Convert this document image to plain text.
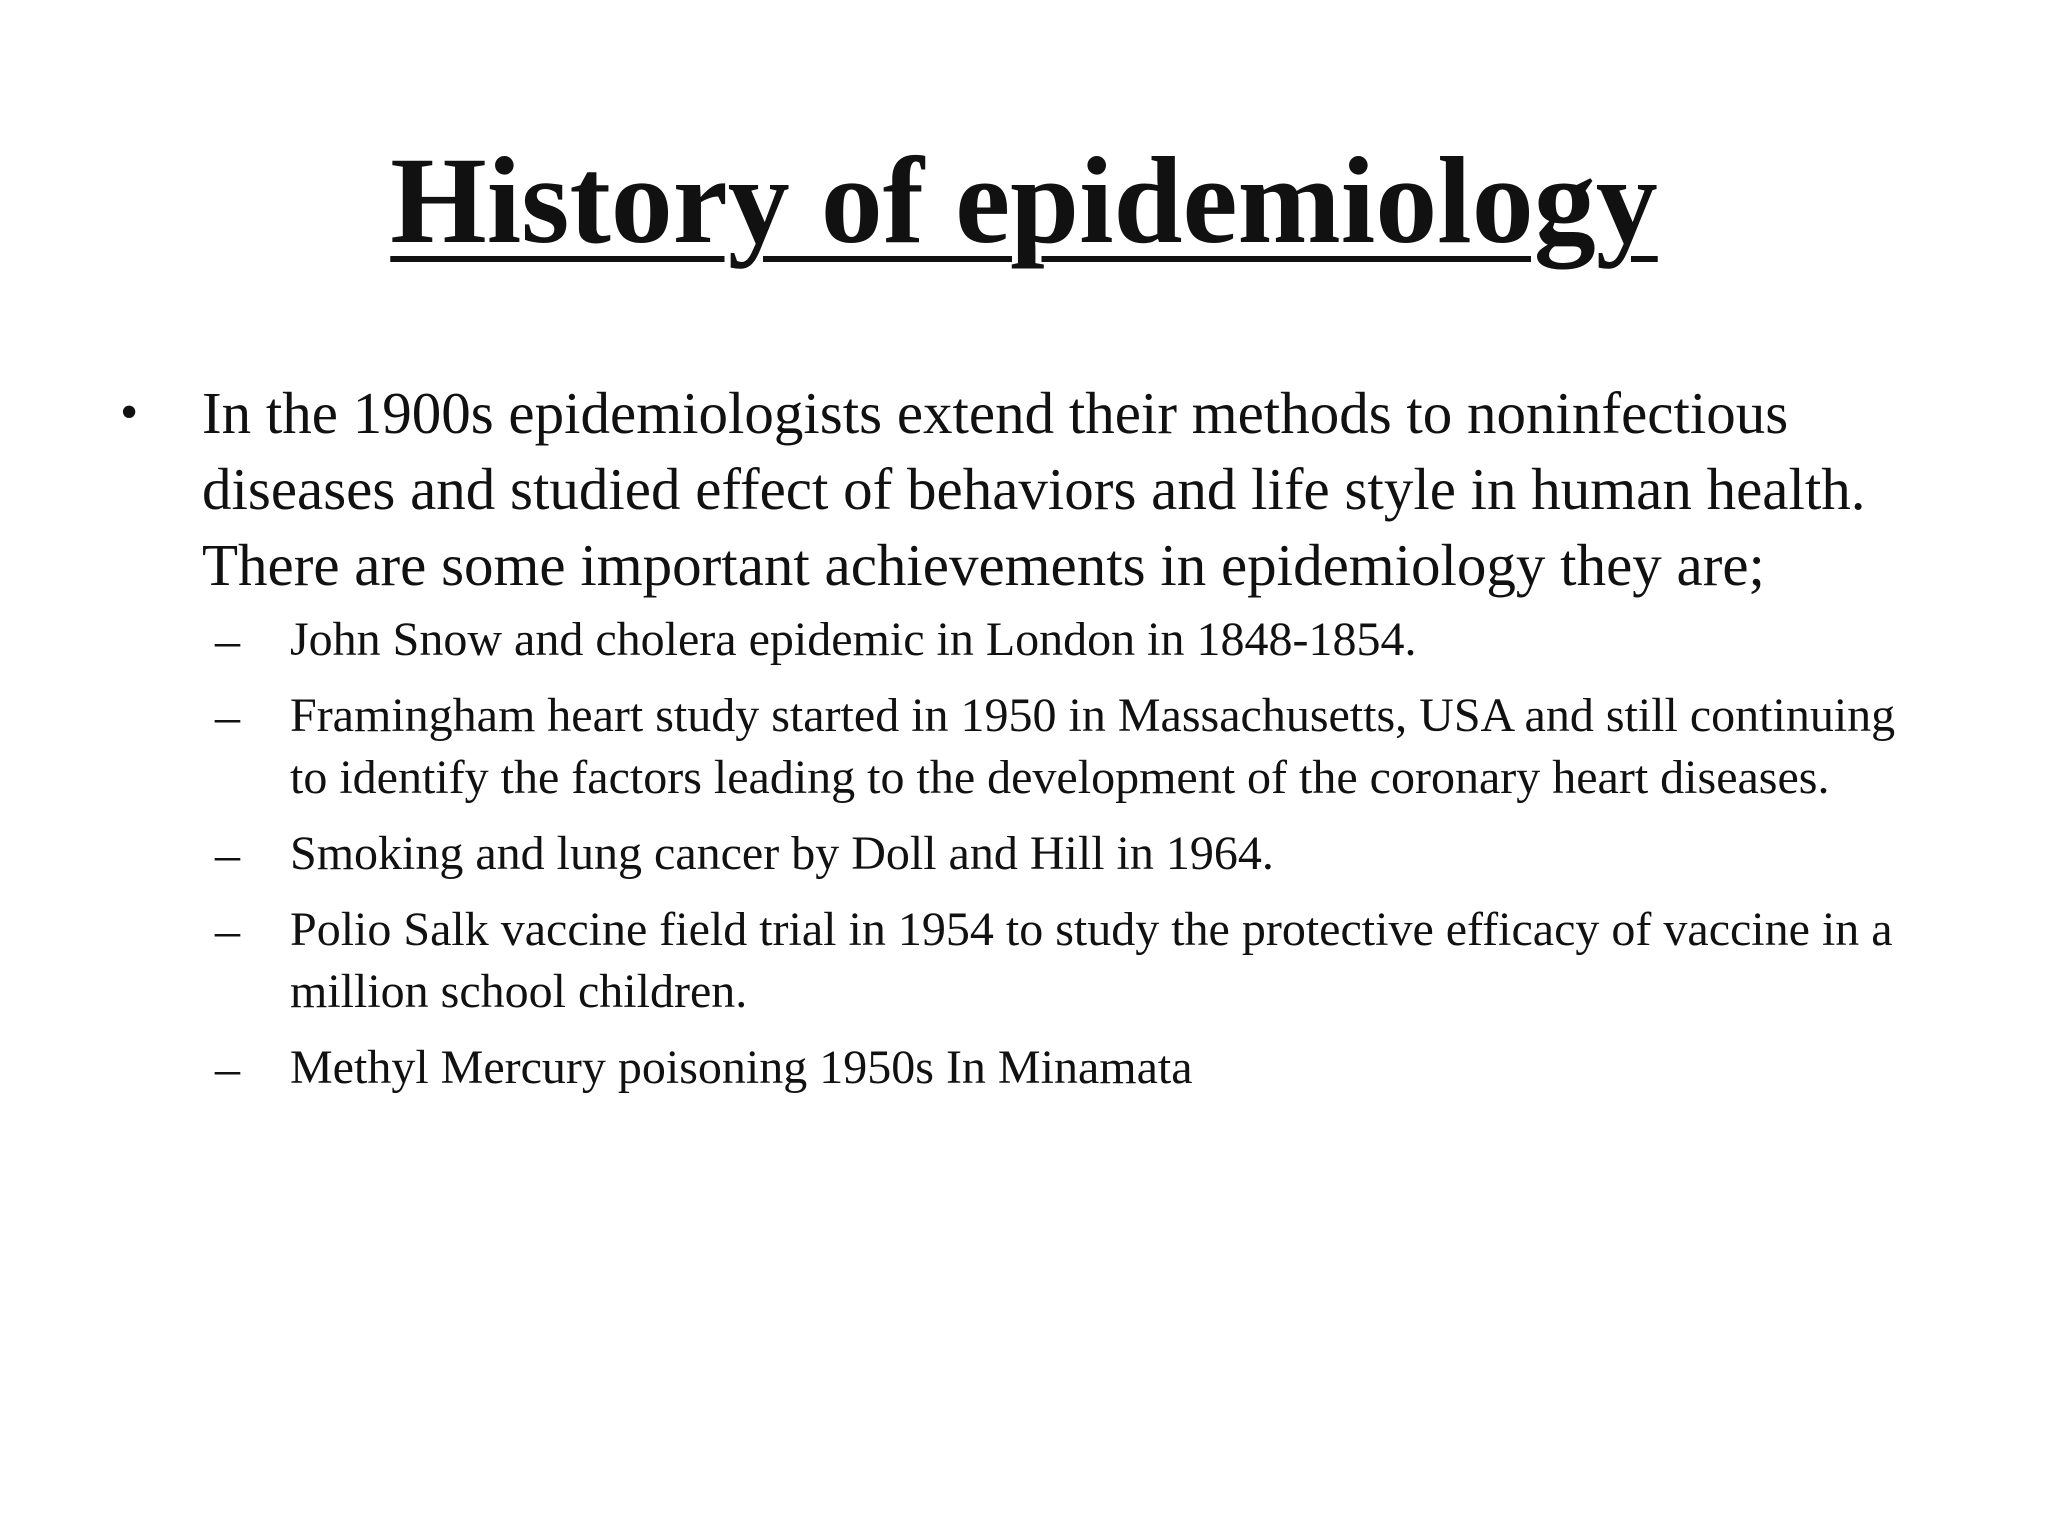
History of epidemiology
•	In the 1900s epidemiologists extend their methods to noninfectious diseases and studied effect of behaviors and life style in human health. There are some important achievements in epidemiology they are;
–	John Snow and cholera epidemic in London in 1848-1854.
–	Framingham heart study started in 1950 in Massachusetts, USA and still continuing to identify the factors leading to the development of the coronary heart diseases.
–	Smoking and lung cancer by Doll and Hill in 1964.
–	Polio Salk vaccine field trial in 1954 to study the protective efficacy of vaccine in a million school children.
–	Methyl Mercury poisoning 1950s In Minamata
